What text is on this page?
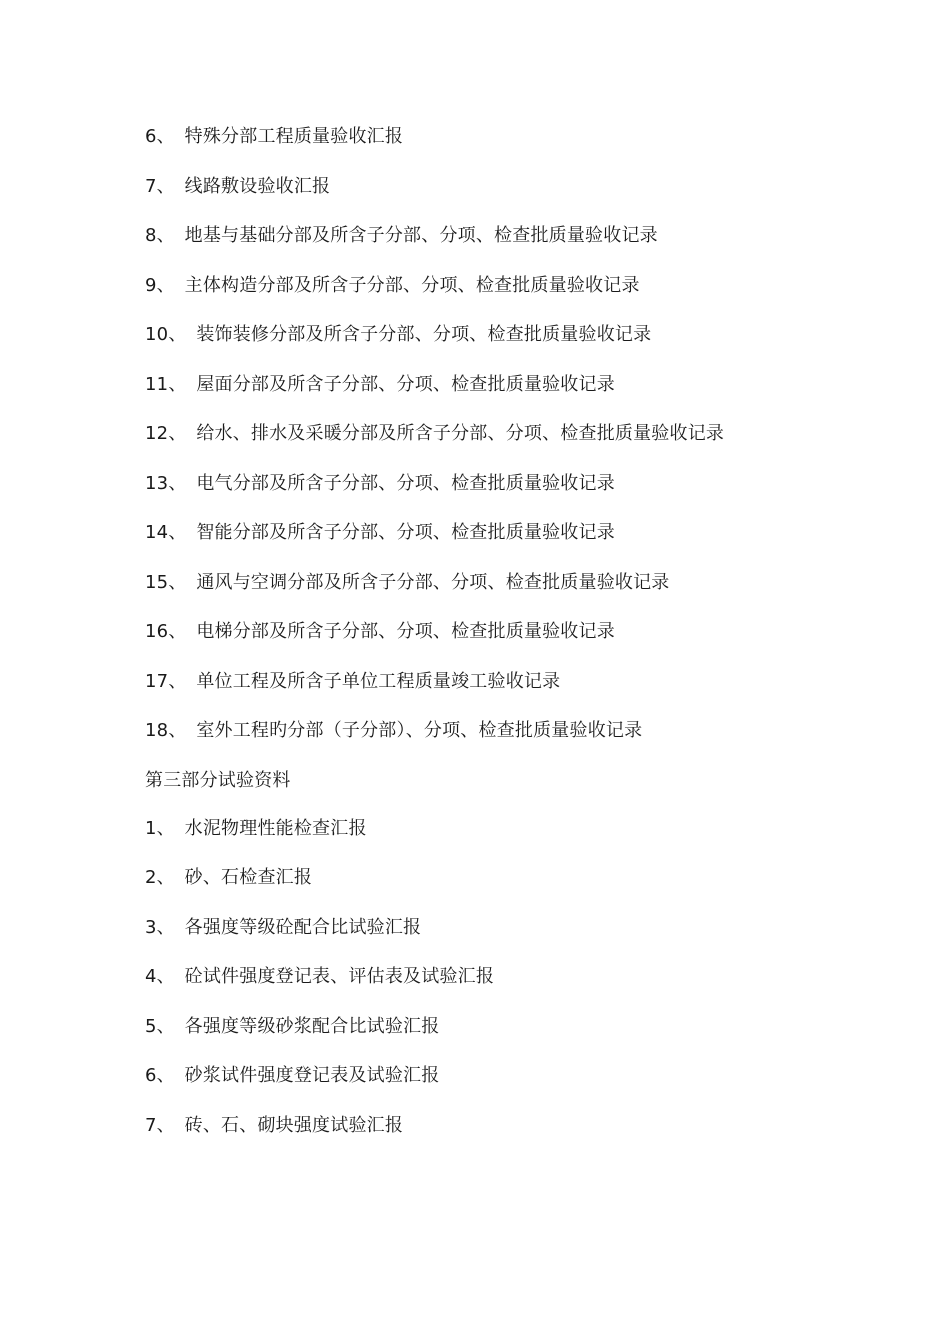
6、 特殊分部工程质量验收汇报
7、 线路敷设验收汇报
8、 地基与基础分部及所含子分部、分项、检查批质量验收记录
9、 主体构造分部及所含子分部、分项、检查批质量验收记录
10、 装饰装修分部及所含子分部、分项、检查批质量验收记录
11、 屋面分部及所含子分部、分项、检查批质量验收记录
12、 给水、排水及采暖分部及所含子分部、分项、检查批质量验收记录
13、 电气分部及所含子分部、分项、检查批质量验收记录
14、 智能分部及所含子分部、分项、检查批质量验收记录
15、 通风与空调分部及所含子分部、分项、检查批质量验收记录
16、 电梯分部及所含子分部、分项、检查批质量验收记录
17、 单位工程及所含子单位工程质量竣工验收记录
18、 室外工程旳分部（子分部）、分项、检查批质量验收记录
第三部分试验资料
1、 水泥物理性能检查汇报
2、 砂、石检查汇报
3、 各强度等级砼配合比试验汇报
4、 砼试件强度登记表、评估表及试验汇报
5、 各强度等级砂浆配合比试验汇报
6、 砂浆试件强度登记表及试验汇报
7、 砖、石、砌块强度试验汇报
